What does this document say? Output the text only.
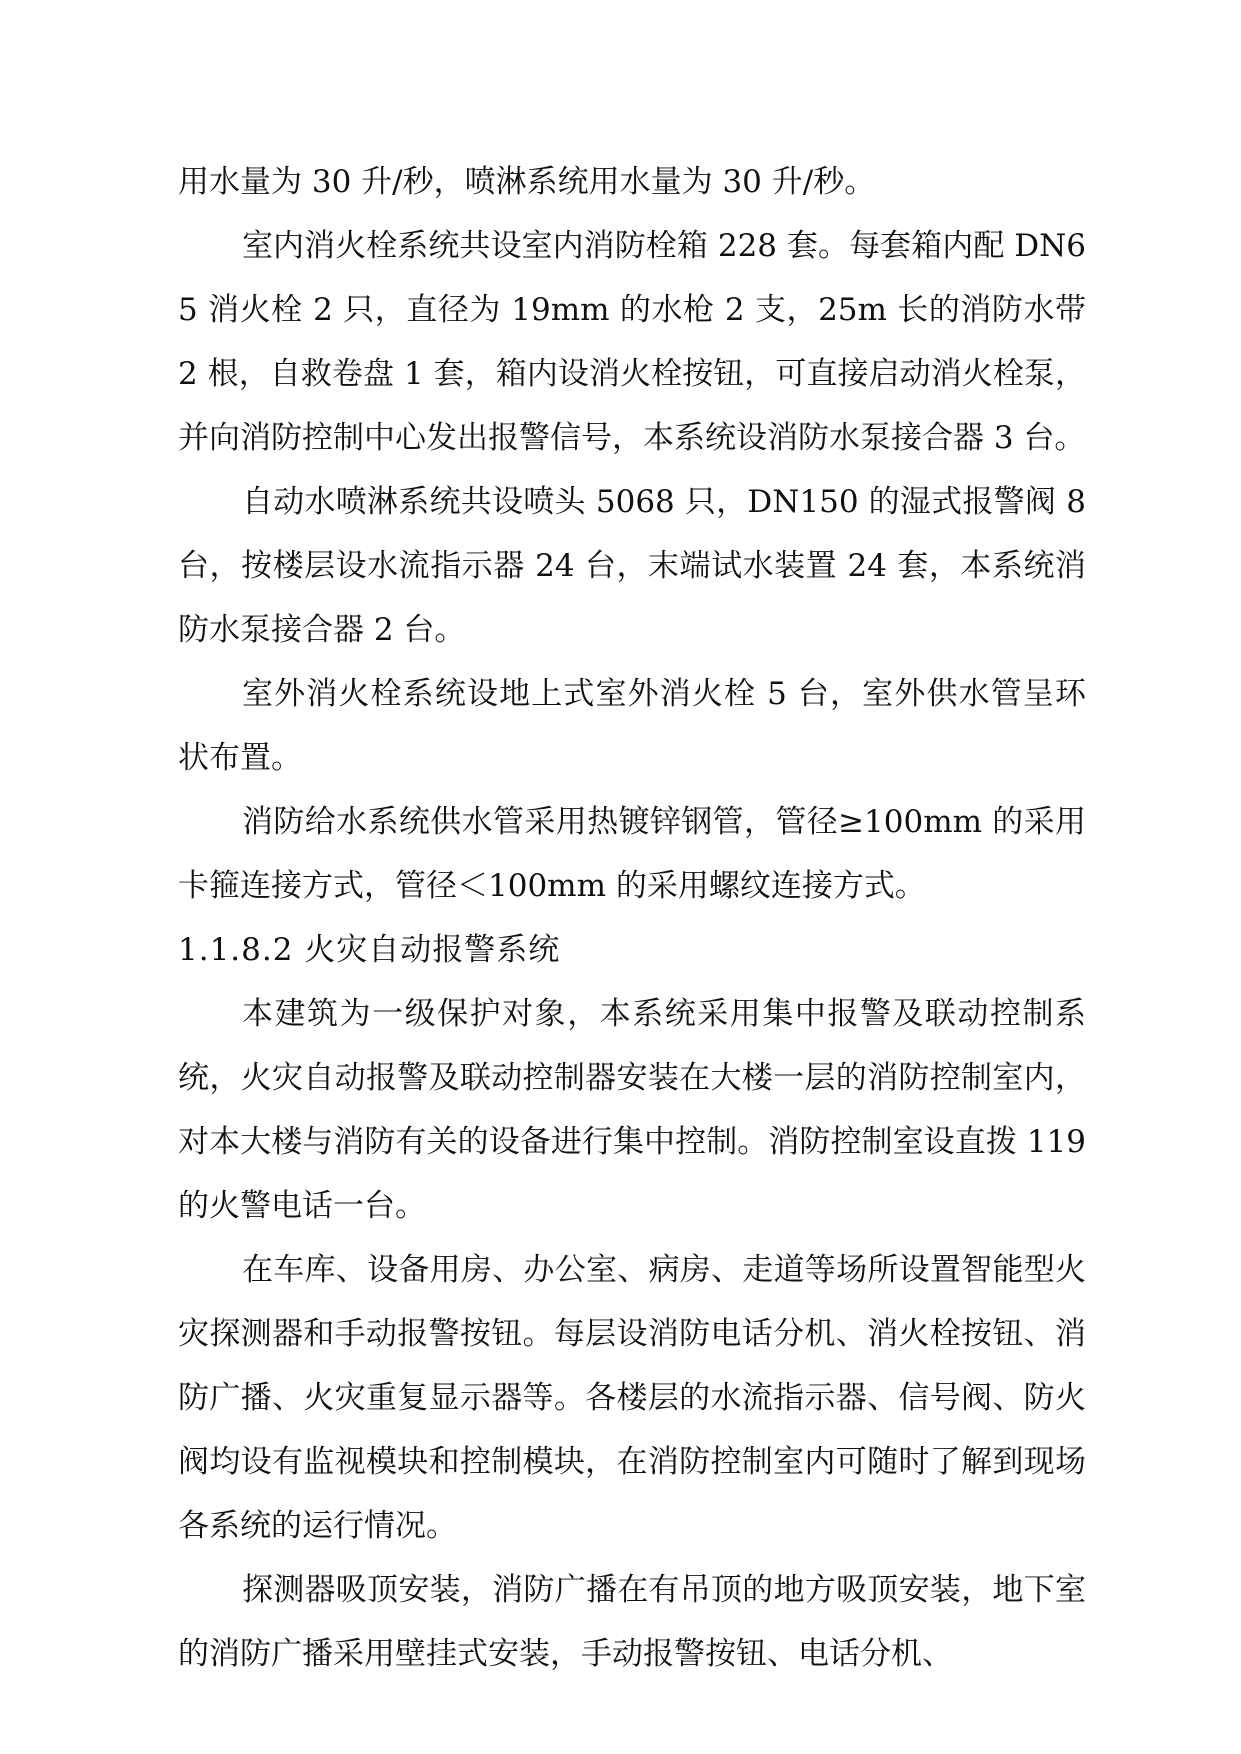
用水量为 30 升/秒，喷淋系统用水量为 30 升/秒。

室内消火栓系统共设室内消防栓箱 228 套。每套箱内配 DN65 消火栓 2 只，直径为 19mm 的水枪 2 支，25m 长的消防水带 2 根，自救卷盘 1 套，箱内设消火栓按钮，可直接启动消火栓泵，并向消防控制中心发出报警信号，本系统设消防水泵接合器 3 台。

自动水喷淋系统共设喷头 5068 只，DN150 的湿式报警阀 8 台，按楼层设水流指示器 24 台，末端试水装置 24 套，本系统消防水泵接合器 2 台。

室外消火栓系统设地上式室外消火栓 5 台，室外供水管呈环状布置。

消防给水系统供水管采用热镀锌钢管，管径≥100mm 的采用卡箍连接方式，管径＜100mm 的采用螺纹连接方式。

1.1.8.2 火灾自动报警系统

本建筑为一级保护对象，本系统采用集中报警及联动控制系统，火灾自动报警及联动控制器安装在大楼一层的消防控制室内，对本大楼与消防有关的设备进行集中控制。消防控制室设直拨 119 的火警电话一台。

在车库、设备用房、办公室、病房、走道等场所设置智能型火灾探测器和手动报警按钮。每层设消防电话分机、消火栓按钮、消防广播、火灾重复显示器等。各楼层的水流指示器、信号阀、防火阀均设有监视模块和控制模块，在消防控制室内可随时了解到现场各系统的运行情况。

探测器吸顶安装，消防广播在有吊顶的地方吸顶安装，地下室的消防广播采用壁挂式安装，手动报警按钮、电话分机、
